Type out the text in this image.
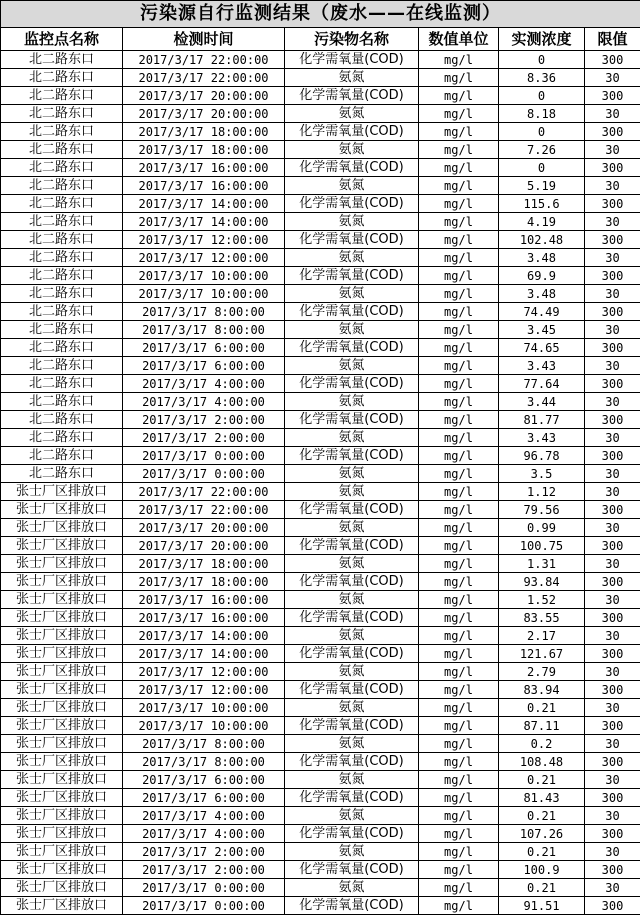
污染源自行监测结果（废水——在线监测）					
监控点名称	检测时间	污染物名称	数值单位	实测浓度	限值
北二路东口	2017/3/17 22:00:00	化学需氧量(COD)	mg/l	0	300
北二路东口	2017/3/17 22:00:00	氨氮	mg/l	8.36	30
北二路东口	2017/3/17 20:00:00	化学需氧量(COD)	mg/l	0	300
北二路东口	2017/3/17 20:00:00	氨氮	mg/l	8.18	30
北二路东口	2017/3/17 18:00:00	化学需氧量(COD)	mg/l	0	300
北二路东口	2017/3/17 18:00:00	氨氮	mg/l	7.26	30
北二路东口	2017/3/17 16:00:00	化学需氧量(COD)	mg/l	0	300
北二路东口	2017/3/17 16:00:00	氨氮	mg/l	5.19	30
北二路东口	2017/3/17 14:00:00	化学需氧量(COD)	mg/l	115.6	300
北二路东口	2017/3/17 14:00:00	氨氮	mg/l	4.19	30
北二路东口	2017/3/17 12:00:00	化学需氧量(COD)	mg/l	102.48	300
北二路东口	2017/3/17 12:00:00	氨氮	mg/l	3.48	30
北二路东口	2017/3/17 10:00:00	化学需氧量(COD)	mg/l	69.9	300
北二路东口	2017/3/17 10:00:00	氨氮	mg/l	3.48	30
北二路东口	2017/3/17 8:00:00	化学需氧量(COD)	mg/l	74.49	300
北二路东口	2017/3/17 8:00:00	氨氮	mg/l	3.45	30
北二路东口	2017/3/17 6:00:00	化学需氧量(COD)	mg/l	74.65	300
北二路东口	2017/3/17 6:00:00	氨氮	mg/l	3.43	30
北二路东口	2017/3/17 4:00:00	化学需氧量(COD)	mg/l	77.64	300
北二路东口	2017/3/17 4:00:00	氨氮	mg/l	3.44	30
北二路东口	2017/3/17 2:00:00	化学需氧量(COD)	mg/l	81.77	300
北二路东口	2017/3/17 2:00:00	氨氮	mg/l	3.43	30
北二路东口	2017/3/17 0:00:00	化学需氧量(COD)	mg/l	96.78	300
北二路东口	2017/3/17 0:00:00	氨氮	mg/l	3.5	30
张士厂区排放口	2017/3/17 22:00:00	氨氮	mg/l	1.12	30
张士厂区排放口	2017/3/17 22:00:00	化学需氧量(COD)	mg/l	79.56	300
张士厂区排放口	2017/3/17 20:00:00	氨氮	mg/l	0.99	30
张士厂区排放口	2017/3/17 20:00:00	化学需氧量(COD)	mg/l	100.75	300
张士厂区排放口	2017/3/17 18:00:00	氨氮	mg/l	1.31	30
张士厂区排放口	2017/3/17 18:00:00	化学需氧量(COD)	mg/l	93.84	300
张士厂区排放口	2017/3/17 16:00:00	氨氮	mg/l	1.52	30
张士厂区排放口	2017/3/17 16:00:00	化学需氧量(COD)	mg/l	83.55	300
张士厂区排放口	2017/3/17 14:00:00	氨氮	mg/l	2.17	30
张士厂区排放口	2017/3/17 14:00:00	化学需氧量(COD)	mg/l	121.67	300
张士厂区排放口	2017/3/17 12:00:00	氨氮	mg/l	2.79	30
张士厂区排放口	2017/3/17 12:00:00	化学需氧量(COD)	mg/l	83.94	300
张士厂区排放口	2017/3/17 10:00:00	氨氮	mg/l	0.21	30
张士厂区排放口	2017/3/17 10:00:00	化学需氧量(COD)	mg/l	87.11	300
张士厂区排放口	2017/3/17 8:00:00	氨氮	mg/l	0.2	30
张士厂区排放口	2017/3/17 8:00:00	化学需氧量(COD)	mg/l	108.48	300
张士厂区排放口	2017/3/17 6:00:00	氨氮	mg/l	0.21	30
张士厂区排放口	2017/3/17 6:00:00	化学需氧量(COD)	mg/l	81.43	300
张士厂区排放口	2017/3/17 4:00:00	氨氮	mg/l	0.21	30
张士厂区排放口	2017/3/17 4:00:00	化学需氧量(COD)	mg/l	107.26	300
张士厂区排放口	2017/3/17 2:00:00	氨氮	mg/l	0.21	30
张士厂区排放口	2017/3/17 2:00:00	化学需氧量(COD)	mg/l	100.9	300
张士厂区排放口	2017/3/17 0:00:00	氨氮	mg/l	0.21	30
张士厂区排放口	2017/3/17 0:00:00	化学需氧量(COD)	mg/l	91.51	300
